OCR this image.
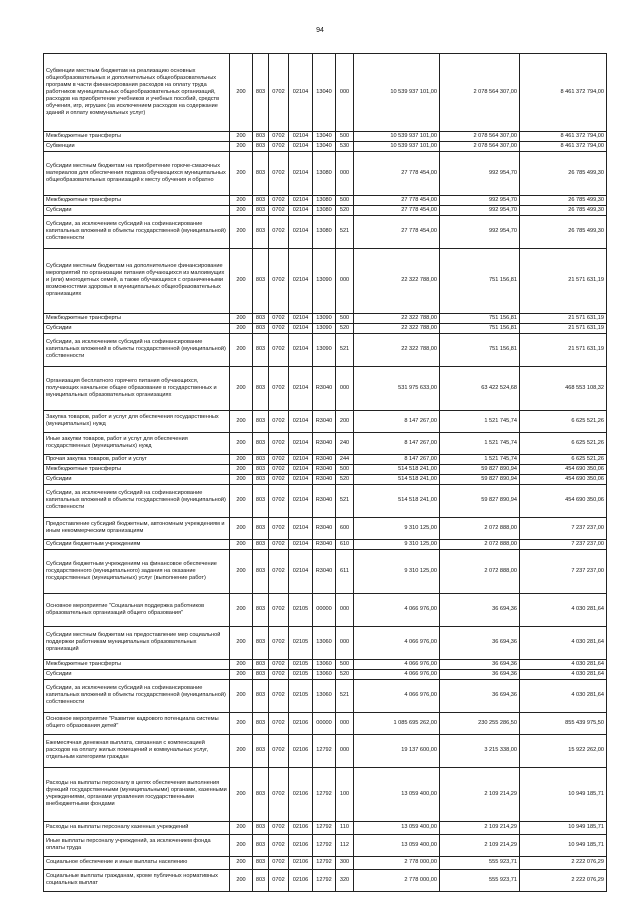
94
Субвенции местным бюджетам на реализацию основных общеобразовательных и дополнительных общеобразовательных программ в части финансирования расходов на оплату труда работников муниципальных общеобразовательных организаций, расходов на приобретение учебников и учебных пособий, средств обучения, игр, игрушек (за исключением расходов на содержание зданий и оплату коммунальных услуг)	200	803	0702	02104	13040	000	10 539 937 101,00	2 078 564 307,00	8 461 372 794,00
Межбюджетные трансферты	200	803	0702	02104	13040	500	10 539 937 101,00	2 078 564 307,00	8 461 372 794,00
Субвенции	200	803	0702	02104	13040	530	10 539 937 101,00	2 078 564 307,00	8 461 372 794,00
Субсидии местным бюджетам на приобретение горюче-смазочных материалов для обеспечения подвоза обучающихся муниципальных общеобразовательных организаций к месту обучения и обратно	200	803	0702	02104	13080	000	27 778 454,00	992 954,70	26 785 499,30
Межбюджетные трансферты	200	803	0702	02104	13080	500	27 778 454,00	992 954,70	26 785 499,30
Субсидии	200	803	0702	02104	13080	520	27 778 454,00	992 954,70	26 785 499,30
Субсидии, за исключением субсидий на софинансирование капитальных вложений в объекты государственной (муниципальной) собственности	200	803	0702	02104	13080	521	27 778 454,00	992 954,70	26 785 499,30
Субсидии местным бюджетам на дополнительное финансирование мероприятий по организации питания обучающихся из малоимущих и (или) многодетных семей, а также обучающихся с ограниченными возможностями здоровья в муниципальных общеобразовательных организациях	200	803	0702	02104	13090	000	22 322 788,00	751 156,81	21 571 631,19
Межбюджетные трансферты	200	803	0702	02104	13090	500	22 322 788,00	751 156,81	21 571 631,19
Субсидии	200	803	0702	02104	13090	520	22 322 788,00	751 156,81	21 571 631,19
Субсидии, за исключением субсидий на софинансирование капитальных вложений в объекты государственной (муниципальной) собственности	200	803	0702	02104	13090	521	22 322 788,00	751 156,81	21 571 631,19
Организация бесплатного горячего питания обучающихся, получающих начальное общее образование в государственных и муниципальных образовательных организациях	200	803	0702	02104	R3040	000	531 975 633,00	63 422 524,68	468 553 108,32
Закупка товаров, работ и услуг для обеспечения государственных (муниципальных) нужд	200	803	0702	02104	R3040	200	8 147 267,00	1 521 745,74	6 625 521,26
Иные закупки товаров, работ и услуг для обеспечения государственных (муниципальных) нужд	200	803	0702	02104	R3040	240	8 147 267,00	1 521 745,74	6 625 521,26
Прочая закупка товаров, работ и услуг	200	803	0702	02104	R3040	244	8 147 267,00	1 521 745,74	6 625 521,26
Межбюджетные трансферты	200	803	0702	02104	R3040	500	514 518 241,00	59 827 890,94	454 690 350,06
Субсидии	200	803	0702	02104	R3040	520	514 518 241,00	59 827 890,94	454 690 350,06
Субсидии, за исключением субсидий на софинансирование капитальных вложений в объекты государственной (муниципальной) собственности	200	803	0702	02104	R3040	521	514 518 241,00	59 827 890,94	454 690 350,06
Предоставление субсидий бюджетным, автономным учреждениям и иным некоммерческим организациям	200	803	0702	02104	R3040	600	9 310 125,00	2 072 888,00	7 237 237,00
Субсидии бюджетным учреждениям	200	803	0702	02104	R3040	610	9 310 125,00	2 072 888,00	7 237 237,00
Субсидии бюджетным учреждениям на финансовое обеспечение государственного (муниципального) задания на оказание государственных (муниципальных) услуг (выполнение работ)	200	803	0702	02104	R3040	611	9 310 125,00	2 072 888,00	7 237 237,00
Основное мероприятие "Социальная поддержка работников образовательных организаций общего образования"	200	803	0702	02105	00000	000	4 066 976,00	36 694,36	4 030 281,64
Субсидии местным бюджетам на предоставление мер социальной поддержки работникам муниципальных образовательных организаций	200	803	0702	02105	13060	000	4 066 976,00	36 694,36	4 030 281,64
Межбюджетные трансферты	200	803	0702	02105	13060	500	4 066 976,00	36 694,36	4 030 281,64
Субсидии	200	803	0702	02105	13060	520	4 066 976,00	36 694,36	4 030 281,64
Субсидии, за исключением субсидий на софинансирование капитальных вложений в объекты государственной (муниципальной) собственности	200	803	0702	02105	13060	521	4 066 976,00	36 694,36	4 030 281,64
Основное мероприятие "Развитие кадрового потенциала системы общего образования детей"	200	803	0702	02106	00000	000	1 085 695 262,00	230 255 286,50	855 439 975,50
Ежемесячная денежная выплата, связанная с компенсацией расходов на оплату жилых помещений и коммунальных услуг, отдельным категориям граждан	200	803	0702	02106	12792	000	19 137 600,00	3 215 338,00	15 922 262,00
Расходы на выплаты персоналу в целях обеспечения выполнения функций государственными (муниципальными) органами, казенными учреждениями, органами управления государственными внебюджетными фондами	200	803	0702	02106	12792	100	13 059 400,00	2 109 214,29	10 949 185,71
Расходы на выплаты персоналу казенных учреждений	200	803	0702	02106	12792	110	13 059 400,00	2 109 214,29	10 949 185,71
Иные выплаты персоналу учреждений, за исключением фонда оплаты труда	200	803	0702	02106	12792	112	13 059 400,00	2 109 214,29	10 949 185,71
Социальное обеспечение и иные выплаты населению	200	803	0702	02106	12792	300	2 778 000,00	555 923,71	2 222 076,29
Социальные выплаты гражданам, кроме публичных нормативных социальных выплат	200	803	0702	02106	12792	320	2 778 000,00	555 923,71	2 222 076,29
